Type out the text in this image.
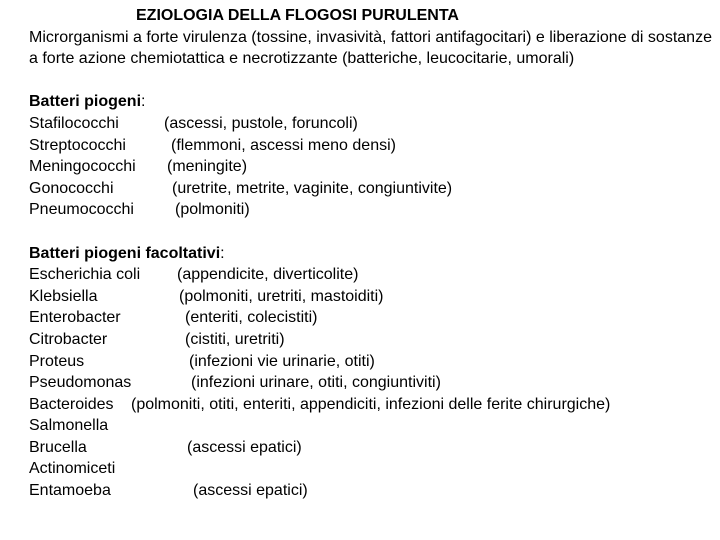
EZIOLOGIA DELLA FLOGOSI PURULENTA

Microrganismi a forte virulenza (tossine, invasività, fattori antifagocitari) e liberazione di sostanze a forte azione chemiotattica e necrotizzante (batteriche, leucocitarie, umorali)

Batteri piogeni:
Stafilococchi	(ascessi, pustole, foruncoli)
Streptococchi	(flemmoni, ascessi meno densi)
Meningococchi (meningite)
Gonococchi	(uretrite, metrite, vaginite, congiuntivite)
Pneumococchi	(polmoniti)
Batteri piogeni facoltativi:
Escherichia coli (appendicite, diverticolite)
Klebsiella	(polmoniti, uretriti, mastoiditi)
Enterobacter	(enteriti, colecistiti)
Citrobacter	(cistiti, uretriti)
Proteus	(infezioni vie urinarie, otiti)
Pseudomonas	(infezioni urinare, otiti, congiuntiviti)
Bacteroides (polmoniti, otiti, enteriti, appendiciti, infezioni delle ferite chirurgiche)
Salmonella
Brucella	(ascessi epatici)
Actinomiceti
Entamoeba	(ascessi epatici)
